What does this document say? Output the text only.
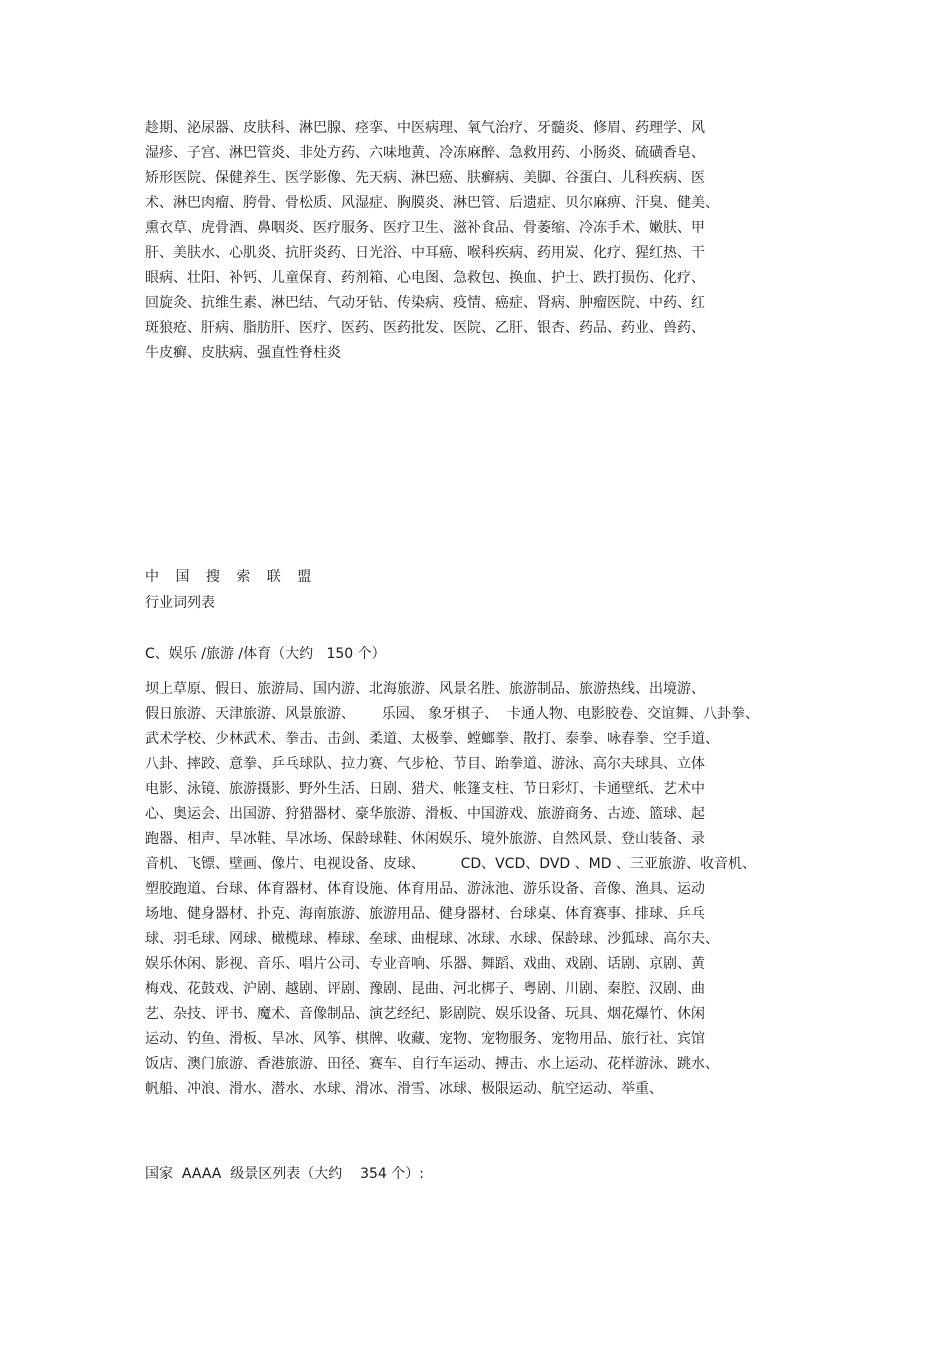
趁期、泌尿器、皮肤科、淋巴腺、痉挛、中医病理、氧气治疗、牙髓炎、修眉、药理学、风
湿疹、子宫、淋巴管炎、非处方药、六味地黄、冷冻麻醉、急救用药、小肠炎、硫磺香皂、
矫形医院、保健养生、医学影像、先天病、淋巴癌、肤癣病、美脚、谷蛋白、儿科疾病、医
术、淋巴肉瘤、胯骨、骨松质、风湿症、胸膜炎、淋巴管、后遗症、贝尔麻痹、汗臭、健美、
熏衣草、虎骨酒、鼻咽炎、医疗服务、医疗卫生、滋补食品、骨萎缩、冷冻手术、嫩肤、甲
肝、美肤水、心肌炎、抗肝炎药、日光浴、中耳癌、喉科疾病、药用炭、化疗、猩红热、干
眼病、壮阳、补钙、儿童保育、药剂箱、心电图、急救包、换血、护士、跌打损伤、化疗、
回旋灸、抗维生素、淋巴结、气动牙钻、传染病、疫情、癌症、肾病、肿瘤医院、中药、红
斑狼疮、肝病、脂肪肝、医疗、医药、医药批发、医院、乙肝、银杏、药品、药业、兽药、
牛皮癣、皮肤病、强直性脊柱炎
中 国 搜 索 联 盟
行业词列表
C、娱乐 /旅游 /体育（大约   150 个）
坝上草原、假日、旅游局、国内游、北海旅游、风景名胜、旅游制品、旅游热线、出境游、
假日旅游、天津旅游、风景旅游、      乐园、 象牙棋子、  卡通人物、电影胶卷、交谊舞、八卦拳、
武术学校、少林武术、拳击、击剑、柔道、太极拳、螳螂拳、散打、泰拳、咏春拳、空手道、
八卦、摔跤、意拳、乒乓球队、拉力赛、气步枪、节目、跆拳道、游泳、高尔夫球具、立体
电影、泳镜、旅游摄影、野外生活、日剧、猎犬、帐篷支柱、节日彩灯、卡通壁纸、艺术中
心、奥运会、出国游、狩猎器材、豪华旅游、滑板、中国游戏、旅游商务、古迹、篮球、起
跑器、相声、旱冰鞋、旱冰场、保龄球鞋、休闲娱乐、境外旅游、自然风景、登山装备、录
音机、飞镖、壁画、像片、电视设备、皮球、        CD、VCD、DVD 、MD 、三亚旅游、收音机、
塑胶跑道、台球、体育器材、体育设施、体育用品、游泳池、游乐设备、音像、渔具、运动
场地、健身器材、扑克、海南旅游、旅游用品、健身器材、台球桌、体育赛事、排球、乒乓
球、羽毛球、网球、橄榄球、棒球、垒球、曲棍球、冰球、水球、保龄球、沙狐球、高尔夫、
娱乐休闲、影视、音乐、唱片公司、专业音响、乐器、舞蹈、戏曲、戏剧、话剧、京剧、黄
梅戏、花鼓戏、沪剧、越剧、评剧、豫剧、昆曲、河北梆子、粤剧、川剧、秦腔、汉剧、曲
艺、杂技、评书、魔术、音像制品、演艺经纪、影剧院、娱乐设备、玩具、烟花爆竹、休闲
运动、钓鱼、滑板、旱冰、风筝、棋牌、收藏、宠物、宠物服务、宠物用品、旅行社、宾馆
饭店、澳门旅游、香港旅游、田径、赛车、自行车运动、搏击、水上运动、花样游泳、跳水、
帆船、冲浪、滑水、潜水、水球、滑冰、滑雪、冰球、极限运动、航空运动、举重、
国家  AAAA  级景区列表（大约    354 个）:
